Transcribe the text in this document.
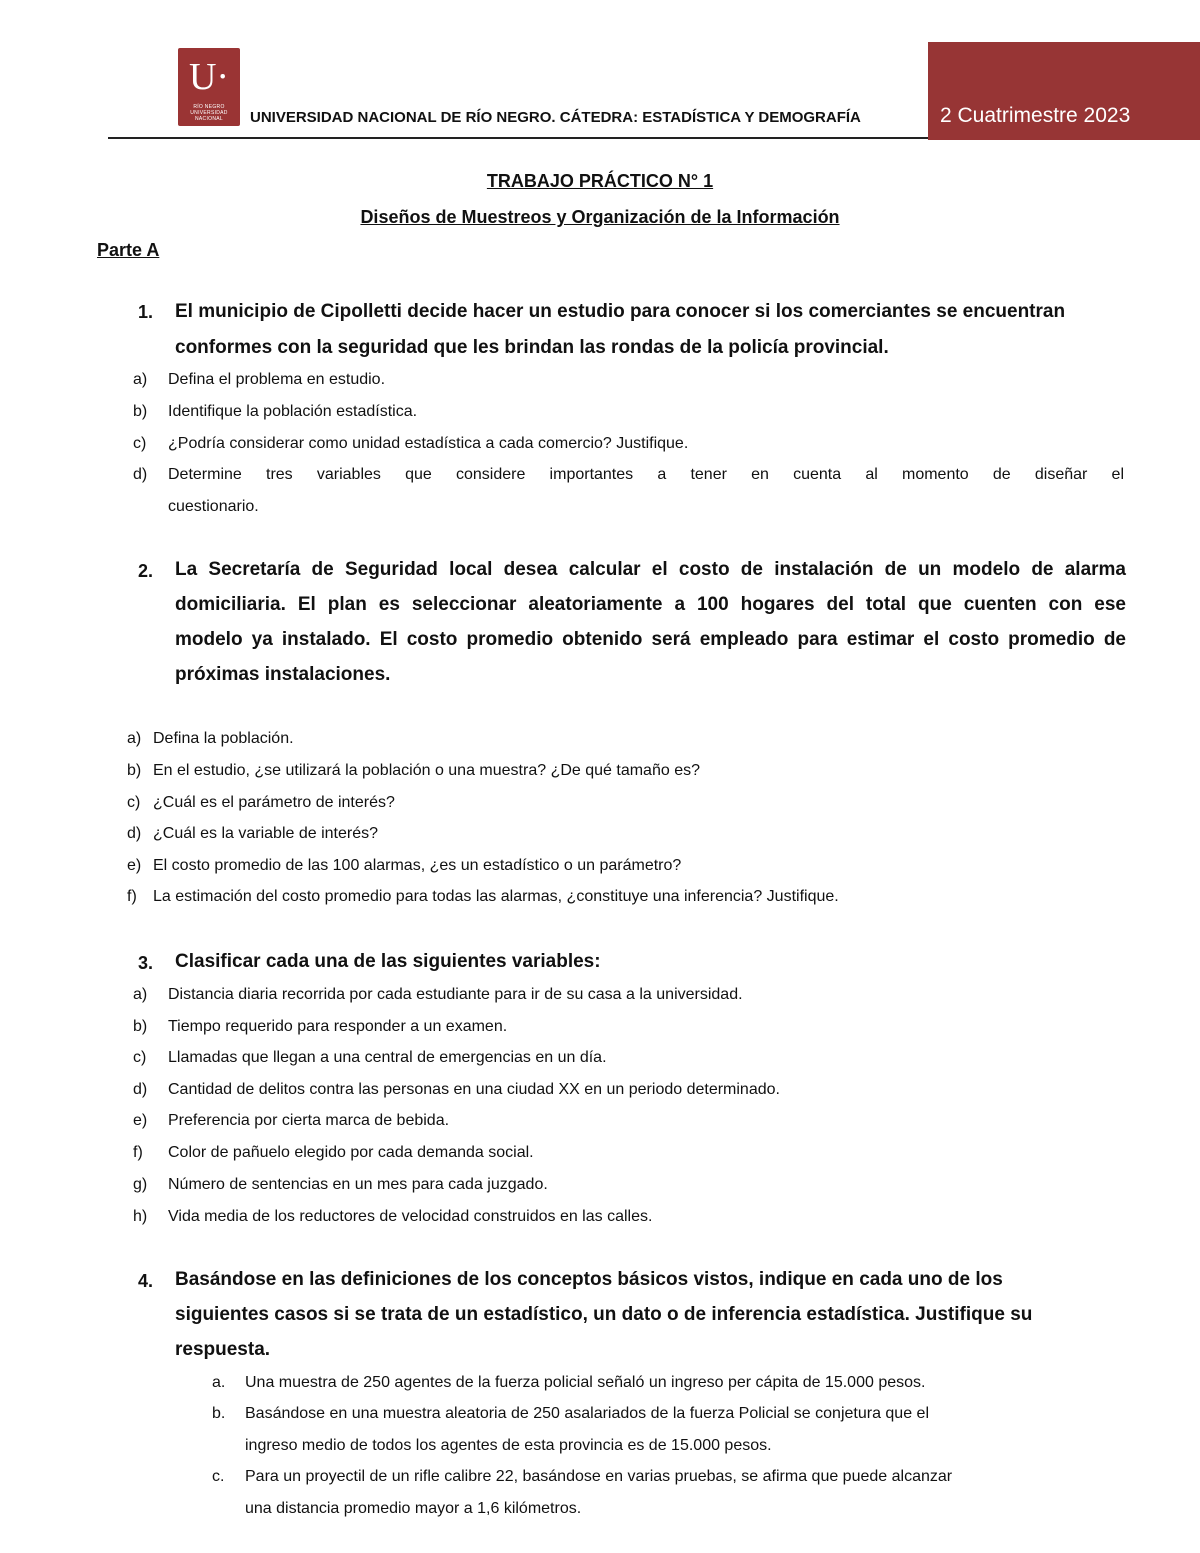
U·
RÍO NEGRO
UNIVERSIDAD
NACIONAL UNIVERSIDAD NACIONAL DE RÍO NEGRO. CÁTEDRA: ESTADÍSTICA Y DEMOGRAFÍA	2 Cuatrimestre 2023
TRABAJO PRÁCTICO N° 1
Diseños de Muestreos y Organización de la Información
Parte A
1. El municipio de Cipolletti decide hacer un estudio para conocer si los comerciantes se encuentran
conformes con la seguridad que les brindan las rondas de la policía provincial.
a) Defina el problema en estudio.
b) Identifique la población estadística.
c) ¿Podría considerar como unidad estadística a cada comercio? Justifique.
d) Determine tres variables que considere importantes a tener en cuenta al momento de diseñar el
cuestionario.
2. La Secretaría de Seguridad local desea calcular el costo de instalación de un modelo de alarma
domiciliaria. El plan es seleccionar aleatoriamente a 100 hogares del total que cuenten con ese
modelo ya instalado. El costo promedio obtenido será empleado para estimar el costo promedio de
próximas instalaciones.
a) Defina la población.
b) En el estudio, ¿se utilizará la población o una muestra? ¿De qué tamaño es?
c) ¿Cuál es el parámetro de interés?
d) ¿Cuál es la variable de interés?
e) El costo promedio de las 100 alarmas, ¿es un estadístico o un parámetro?
f) La estimación del costo promedio para todas las alarmas, ¿constituye una inferencia? Justifique.
3. Clasificar cada una de las siguientes variables:
a) Distancia diaria recorrida por cada estudiante para ir de su casa a la universidad.
b) Tiempo requerido para responder a un examen.
c) Llamadas que llegan a una central de emergencias en un día.
d) Cantidad de delitos contra las personas en una ciudad XX en un periodo determinado.
e) Preferencia por cierta marca de bebida.
f) Color de pañuelo elegido por cada demanda social.
g) Número de sentencias en un mes para cada juzgado.
h) Vida media de los reductores de velocidad construidos en las calles.
4. Basándose en las definiciones de los conceptos básicos vistos, indique en cada uno de los
siguientes casos si se trata de un estadístico, un dato o de inferencia estadística. Justifique su
respuesta.
a. Una muestra de 250 agentes de la fuerza policial señaló un ingreso per cápita de 15.000 pesos.
b. Basándose en una muestra aleatoria de 250 asalariados de la fuerza Policial se conjetura que el
ingreso medio de todos los agentes de esta provincia es de 15.000 pesos.
c. Para un proyectil de un rifle calibre 22, basándose en varias pruebas, se afirma que puede alcanzar
una distancia promedio mayor a 1,6 kilómetros.
